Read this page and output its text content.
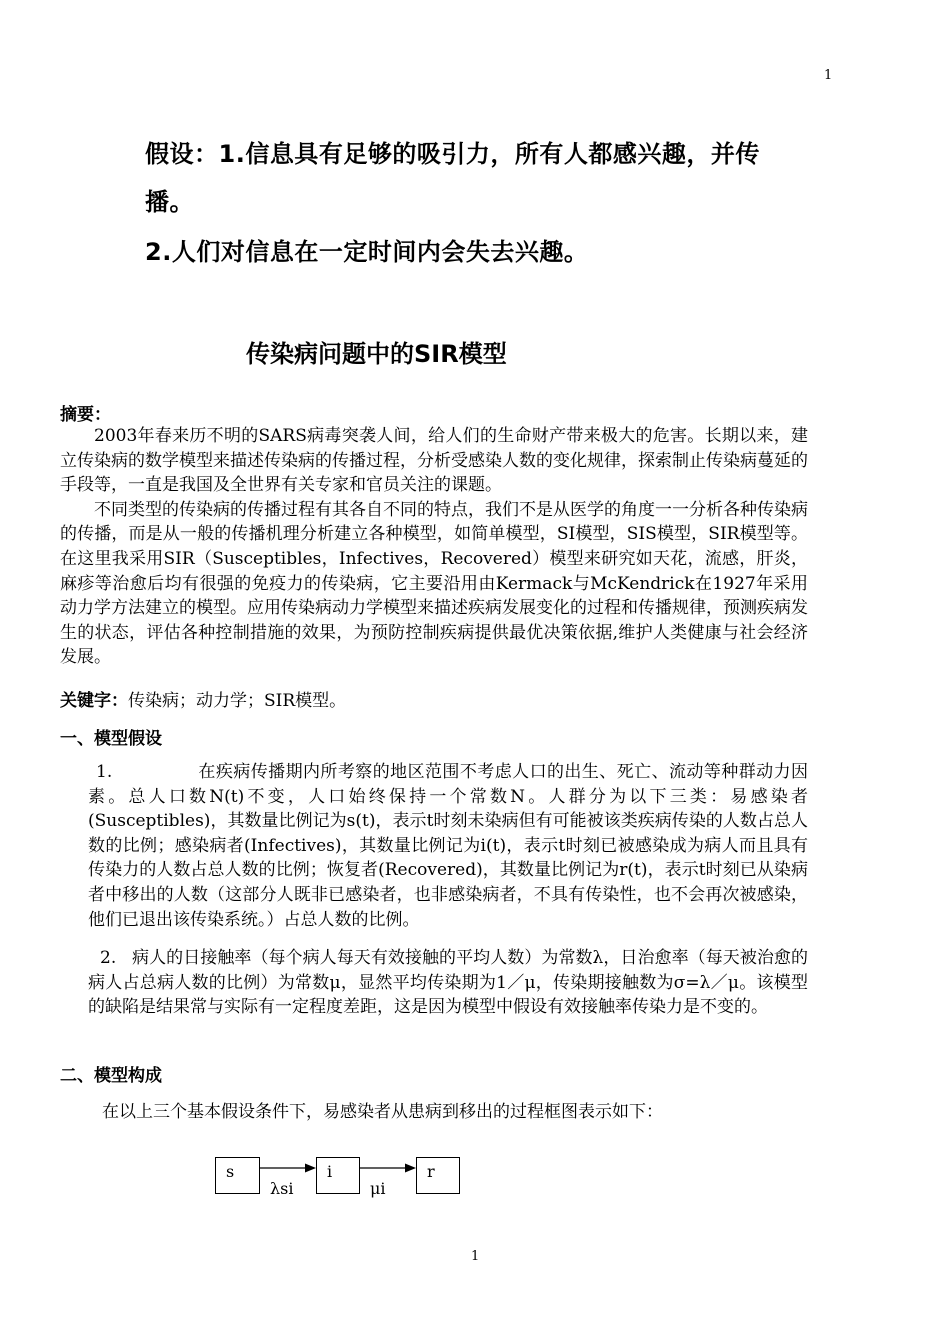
1
假设：1.信息具有足够的吸引力，所有人都感兴趣，并传
播。
2.人们对信息在一定时间内会失去兴趣。
传染病问题中的SIR模型
摘要：

2003年春来历不明的SARS病毒突袭人间，给人们的生命财产带来极大的危害。长期以来，建立传染病的数学模型来描述传染病的传播过程，分析受感染人数的变化规律，探索制止传染病蔓延的手段等，一直是我国及全世界有关专家和官员关注的课题。

不同类型的传染病的传播过程有其各自不同的特点，我们不是从医学的角度一一分析各种传染病的传播，而是从一般的传播机理分析建立各种模型，如简单模型，SI模型，SIS模型，SIR模型等。在这里我采用SIR（Susceptibles，Infectives，Recovered）模型来研究如天花，流感，肝炎，麻疹等治愈后均有很强的免疫力的传染病，它主要沿用由Kermack与McKendrick在1927年采用动力学方法建立的模型。应用传染病动力学模型来描述疾病发展变化的过程和传播规律，预测疾病发生的状态，评估各种控制措施的效果，为预防控制疾病提供最优决策依据,维护人类健康与社会经济发展。

关键字：传染病；动力学；SIR模型。
一、模型假设
1.	在疾病传播期内所考察的地区范围不考虑人口的出生、死亡、流动等种群动力因素。总人口数N(t)不变，人口始终保持一个常数N。人群分为以下三类：易感染者(Susceptibles)，其数量比例记为s(t)，表示t时刻未染病但有可能被该类疾病传染的人数占总人数的比例；感染病者(Infectives)，其数量比例记为i(t)，表示t时刻已被感染成为病人而且具有传染力的人数占总人数的比例；恢复者(Recovered)，其数量比例记为r(t)，表示t时刻已从染病者中移出的人数（这部分人既非已感染者，也非感染病者，不具有传染性，也不会再次被感染，他们已退出该传染系统。）占总人数的比例。
2. 病人的日接触率（每个病人每天有效接触的平均人数）为常数λ，日治愈率（每天被治愈的病人占总病人数的比例）为常数μ，显然平均传染期为1／μ，传染期接触数为σ=λ／μ。该模型的缺陷是结果常与实际有一定程度差距，这是因为模型中假设有效接触率传染力是不变的。
二、模型构成
在以上三个基本假设条件下，易感染者从患病到移出的过程框图表示如下：
s	i	r
λsi	μi
1
